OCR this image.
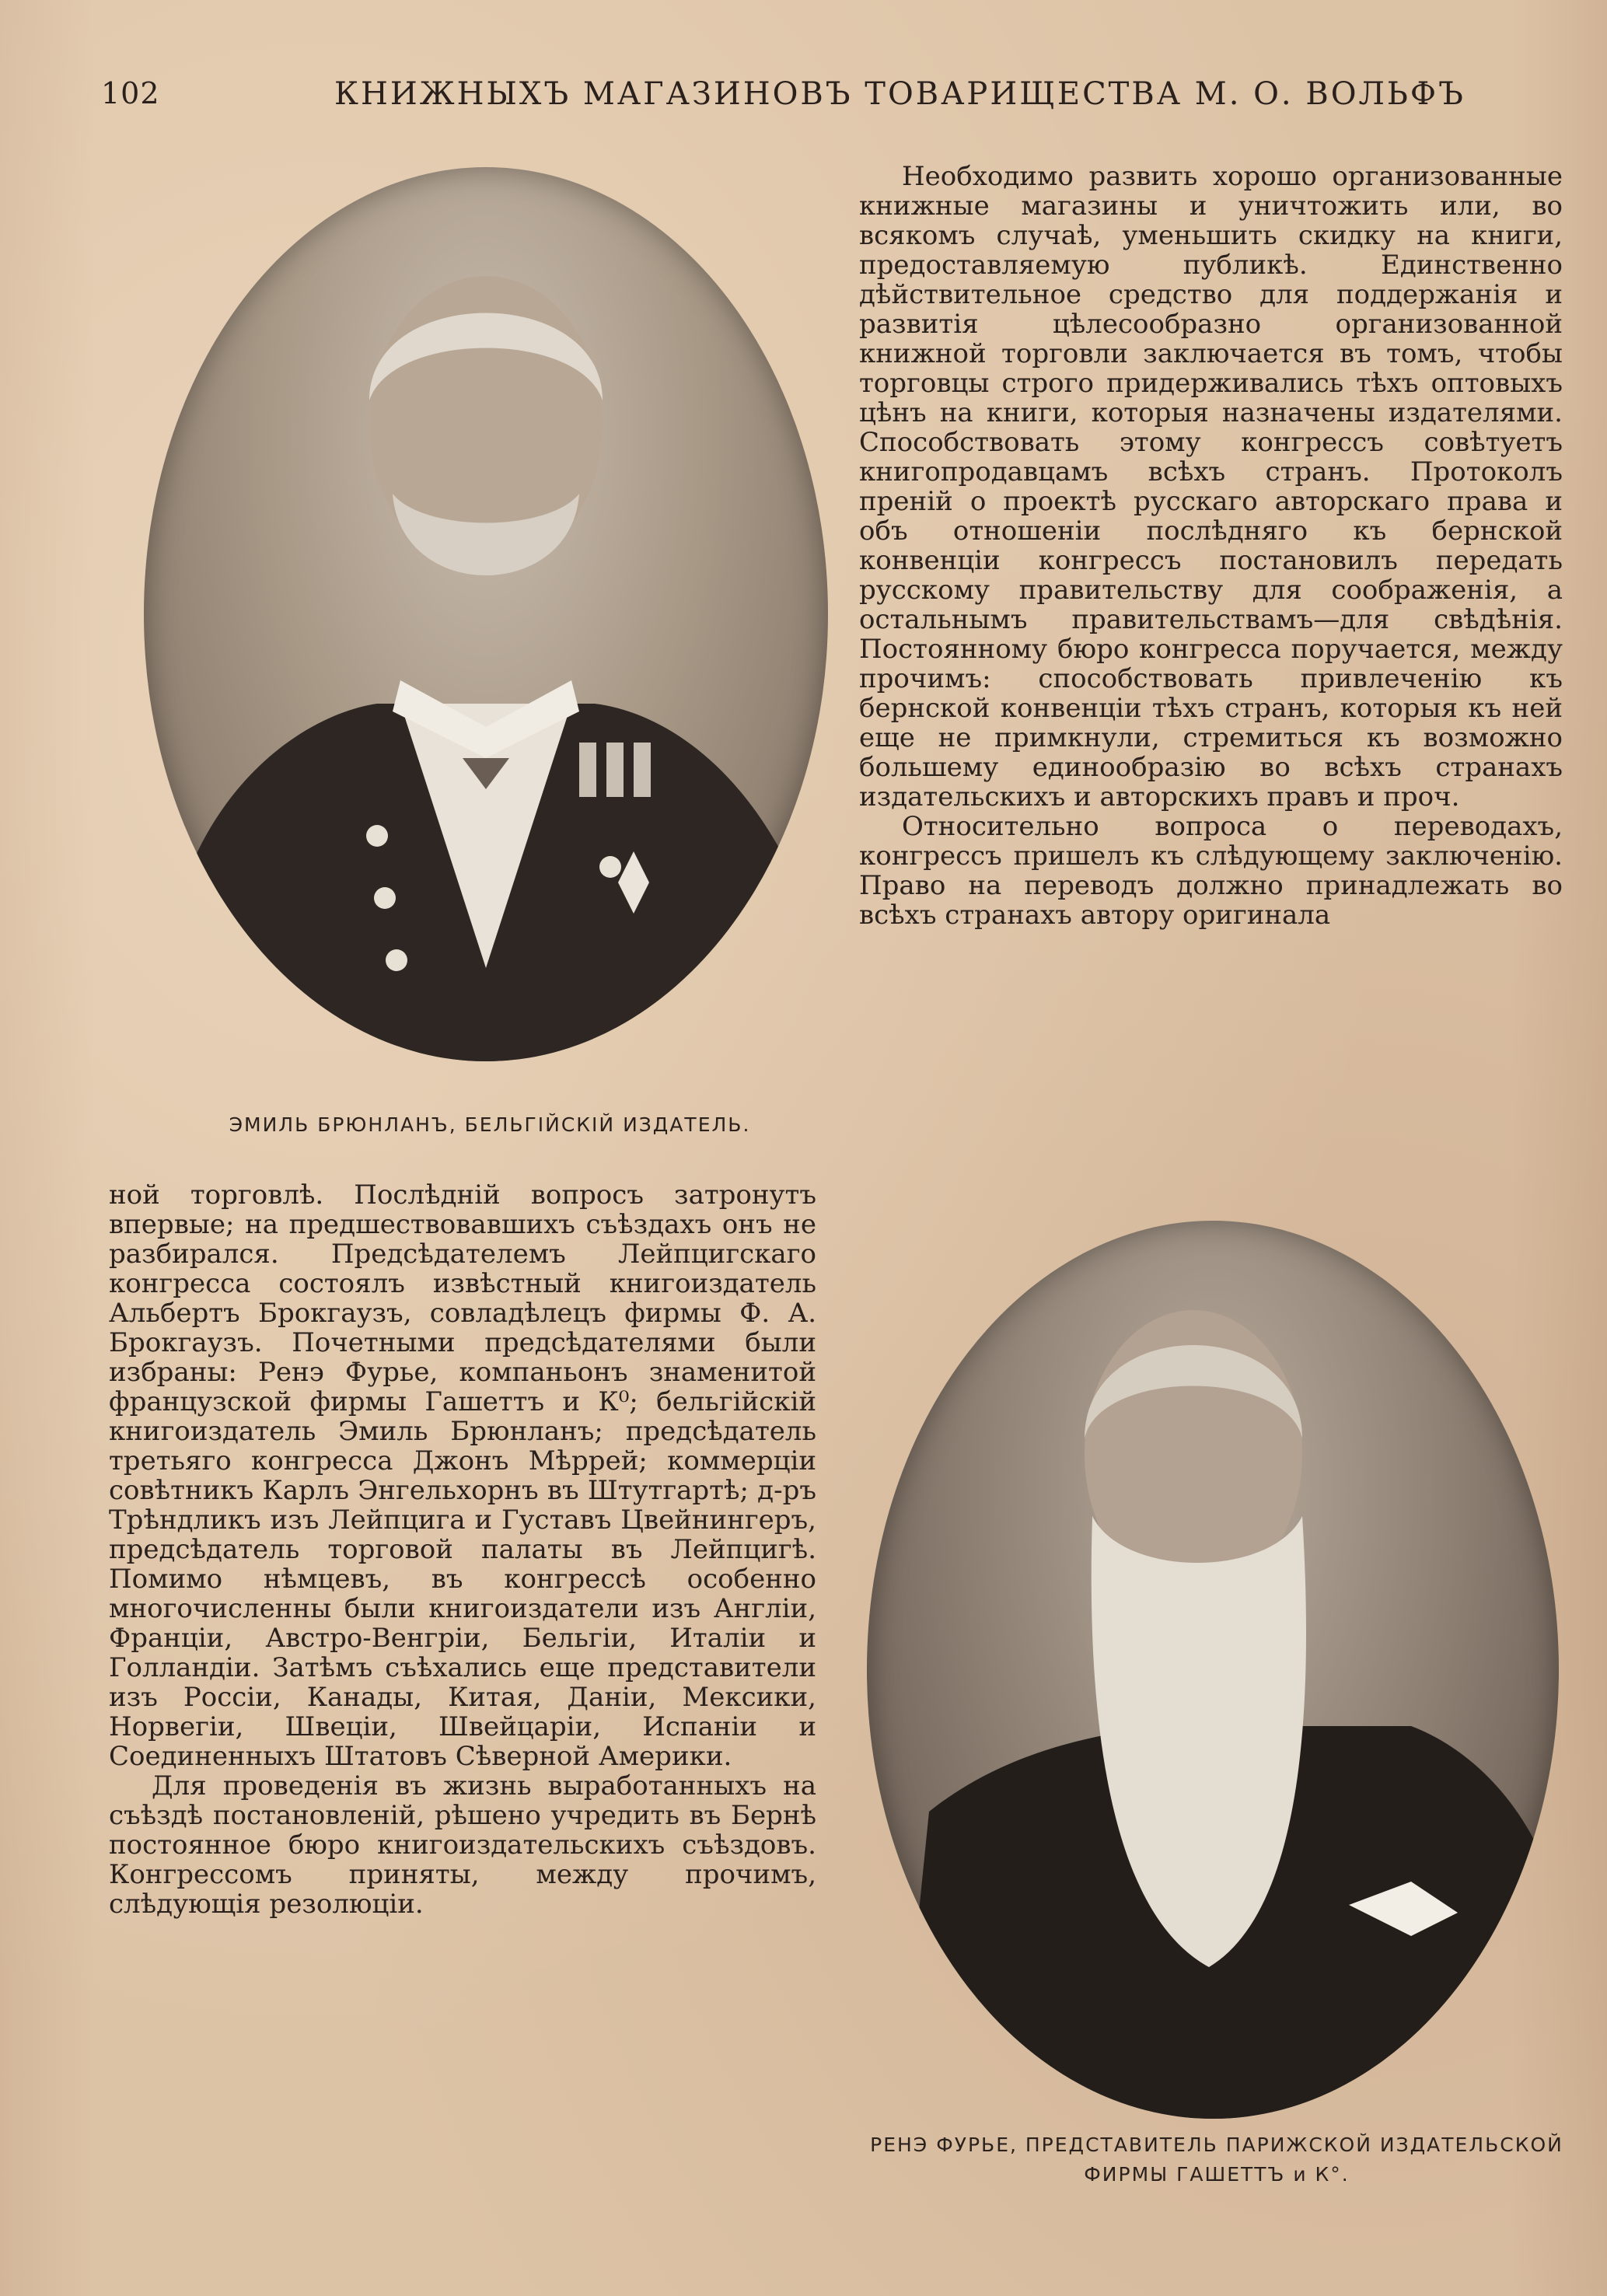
102	КНИЖНЫХЪ МАГАЗИНОВЪ ТОВАРИЩЕСТВА М. О. ВОЛЬФЪ
ЭМИЛЬ БРЮНЛАНЪ, БЕЛЬГІЙСКІЙ ИЗДАТЕЛЬ.

Необходимо развить хорошо организованные книжные магазины и уничтожить или, во всякомъ случаѣ, уменьшить скидку на книги, предоставляемую публикѣ. Единственно дѣйствительное средство для поддержанія и развитія цѣлесообразно организованной книжной торговли заключается въ томъ, чтобы торговцы строго придерживались тѣхъ оптовыхъ цѣнъ на книги, которыя назначены издателями. Способствовать этому конгрессъ совѣтуетъ книгопродавцамъ всѣхъ странъ. Протоколъ преній о проектѣ русскаго авторскаго права и объ отношеніи послѣдняго къ бернской конвенціи конгрессъ постановилъ передать русскому правительству для соображенія, а остальнымъ правительствамъ—для свѣдѣнія. Постоянному бюро конгресса поручается, между прочимъ: способствовать привлеченію къ бернской конвенціи тѣхъ странъ, которыя къ ней еще не примкнули, стремиться къ возможно большему единообразію во всѣхъ странахъ издательскихъ и авторскихъ правъ и проч.

Относительно вопроса о переводахъ, конгрессъ пришелъ къ слѣдующему заключенію. Право на переводъ должно принадлежать во всѣхъ странахъ автору оригинала

ной торговлѣ. Послѣдній вопросъ затронутъ впервые; на предшествовавшихъ съѣздахъ онъ не разбирался. Предсѣдателемъ Лейпцигскаго конгресса состоялъ извѣстный книгоиздатель Альбертъ Брокгаузъ, совладѣлецъ фирмы Ф. А. Брокгаузъ. Почетными предсѣдателями были избраны: Ренэ Фурье, компаньонъ знаменитой французской фирмы Гашеттъ и К⁰; бельгійскій книгоиздатель Эмиль Брюнланъ; предсѣдатель третьяго конгресса Джонъ Мѣррей; коммерціи совѣтникъ Карлъ Энгельхорнъ въ Штутгартѣ; д-ръ Трѣндликъ изъ Лейпцига и Густавъ Цвейнингеръ, предсѣдатель торговой палаты въ Лейпцигѣ. Помимо нѣмцевъ, въ конгрессѣ особенно многочисленны были книгоиздатели изъ Англіи, Франціи, Австро-Венгріи, Бельгіи, Италіи и Голландіи. Затѣмъ съѣхались еще представители изъ Россіи, Канады, Китая, Даніи, Мексики, Норвегіи, Швеціи, Швейцаріи, Испаніи и Соединенныхъ Штатовъ Сѣверной Америки.

Для проведенія въ жизнь выработанныхъ на съѣздѣ постановленій, рѣшено учредить въ Бернѣ постоянное бюро книгоиздательскихъ съѣздовъ. Конгрессомъ приняты, между прочимъ, слѣдующія резолюціи.

РЕНЭ ФУРЬЕ, ПРЕДСТАВИТЕЛЬ ПАРИЖСКОЙ ИЗДАТЕЛЬСКОЙ ФИРМЫ ГАШЕТТЪ и К°.
